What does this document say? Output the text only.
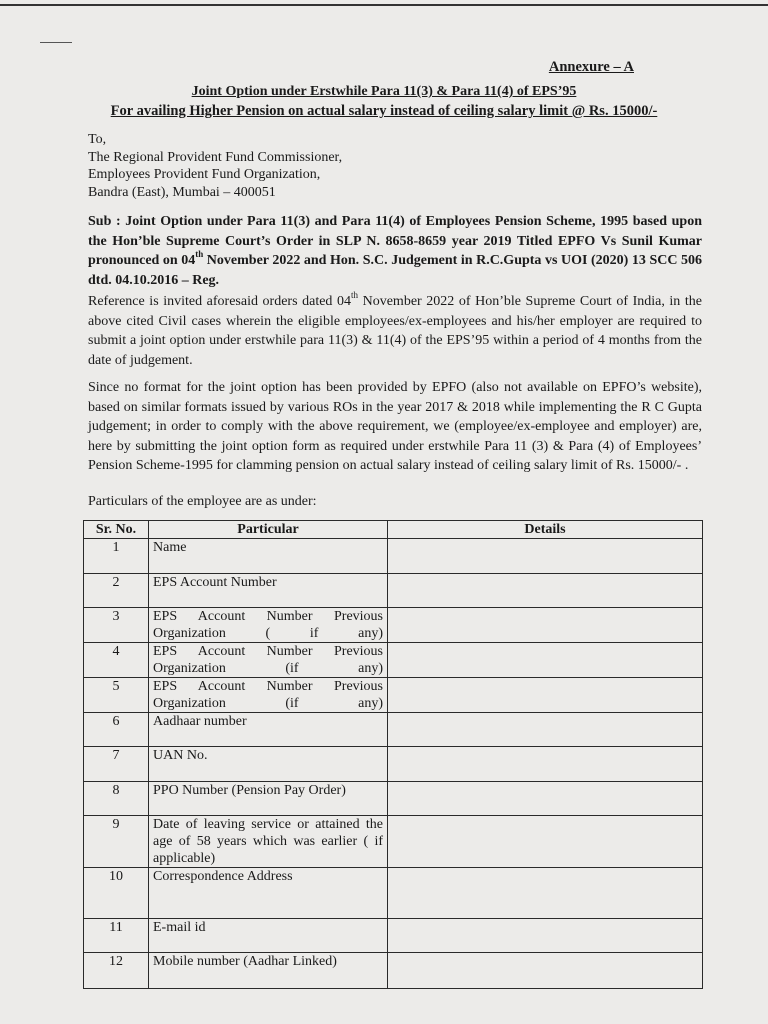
Annexure – A
Joint Option under Erstwhile Para 11(3) & Para 11(4) of EPS’95
For availing Higher Pension on actual salary instead of ceiling salary limit @ Rs. 15000/-
To,
The Regional Provident Fund Commissioner,
Employees Provident Fund Organization,
Bandra (East), Mumbai – 400051
Sub : Joint Option under Para 11(3) and Para 11(4) of Employees Pension Scheme, 1995 based upon the Hon’ble Supreme Court’s Order in SLP N. 8658-8659 year 2019 Titled EPFO Vs Sunil Kumar pronounced on 04th November 2022 and Hon. S.C. Judgement in R.C.Gupta vs UOI (2020) 13 SCC 506 dtd. 04.10.2016 – Reg.
Reference is invited aforesaid orders dated 04th November 2022 of Hon’ble Supreme Court of India, in the above cited Civil cases wherein the eligible employees/ex-employees and his/her employer are required to submit a joint option under erstwhile para 11(3) & 11(4) of the EPS’95 within a period of 4 months from the date of judgement.
Since no format for the joint option has been provided by EPFO (also not available on EPFO’s website), based on similar formats issued by various ROs in the year 2017 & 2018 while implementing the R C Gupta judgement; in order to comply with the above requirement, we (employee/ex-employee and employer) are, here by submitting the joint option form as required under erstwhile Para 11 (3) & Para (4) of Employees’ Pension Scheme-1995 for clamming pension on actual salary instead of ceiling salary limit of Rs. 15000/- .
Particulars of the employee are as under:
Sr. No.	Particular	Details
1	Name	
2	EPS Account Number	
3	EPS Account Number Previous Organization ( if any)	
4	EPS Account Number Previous Organization (if any)	
5	EPS Account Number Previous Organization (if any)	
6	Aadhaar number	
7	UAN No.	
8	PPO Number (Pension Pay Order)	
9	Date of leaving service or attained the age of 58 years which was earlier ( if applicable)	
10	Correspondence Address	
11	E-mail id	
12	Mobile number (Aadhar Linked)	
